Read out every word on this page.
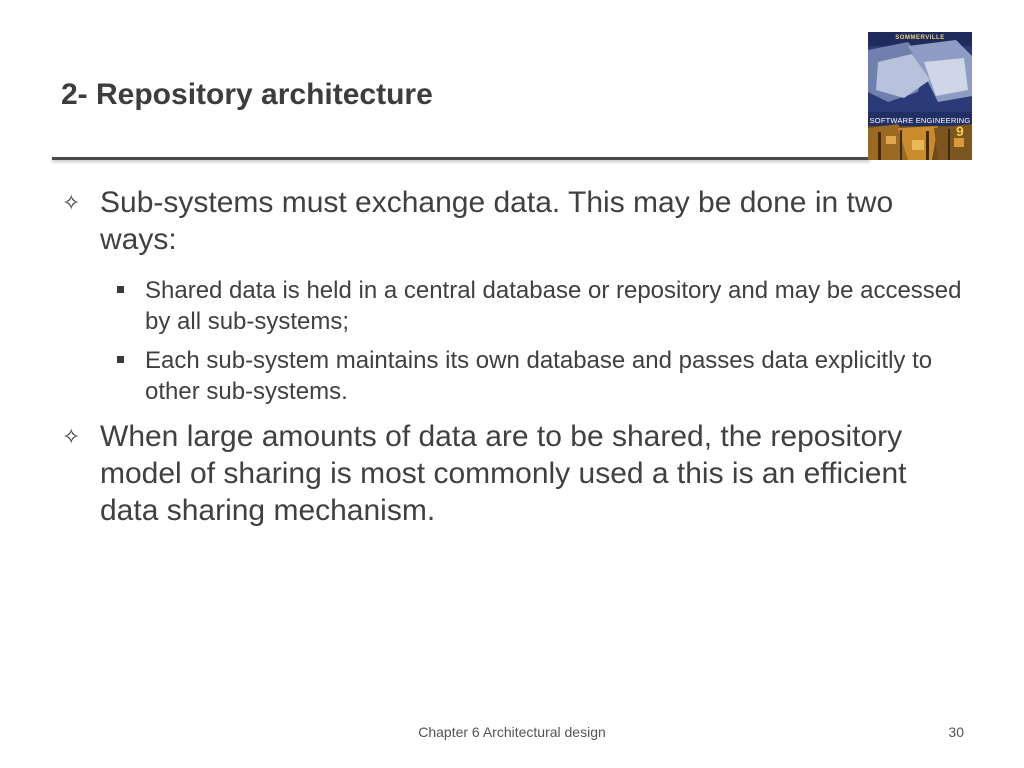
2- Repository architecture
SOMMERVILLE
SOFTWARE ENGINEERING
9
✧ Sub-systems must exchange data. This may be done in two ways:
Shared data is held in a central database or repository and may be accessed by all sub-systems;
Each sub-system maintains its own database and passes data explicitly to other sub-systems.
✧ When large amounts of data are to be shared, the repository model of sharing is most commonly used a this is an efficient data sharing mechanism.
Chapter 6 Architectural design	30
